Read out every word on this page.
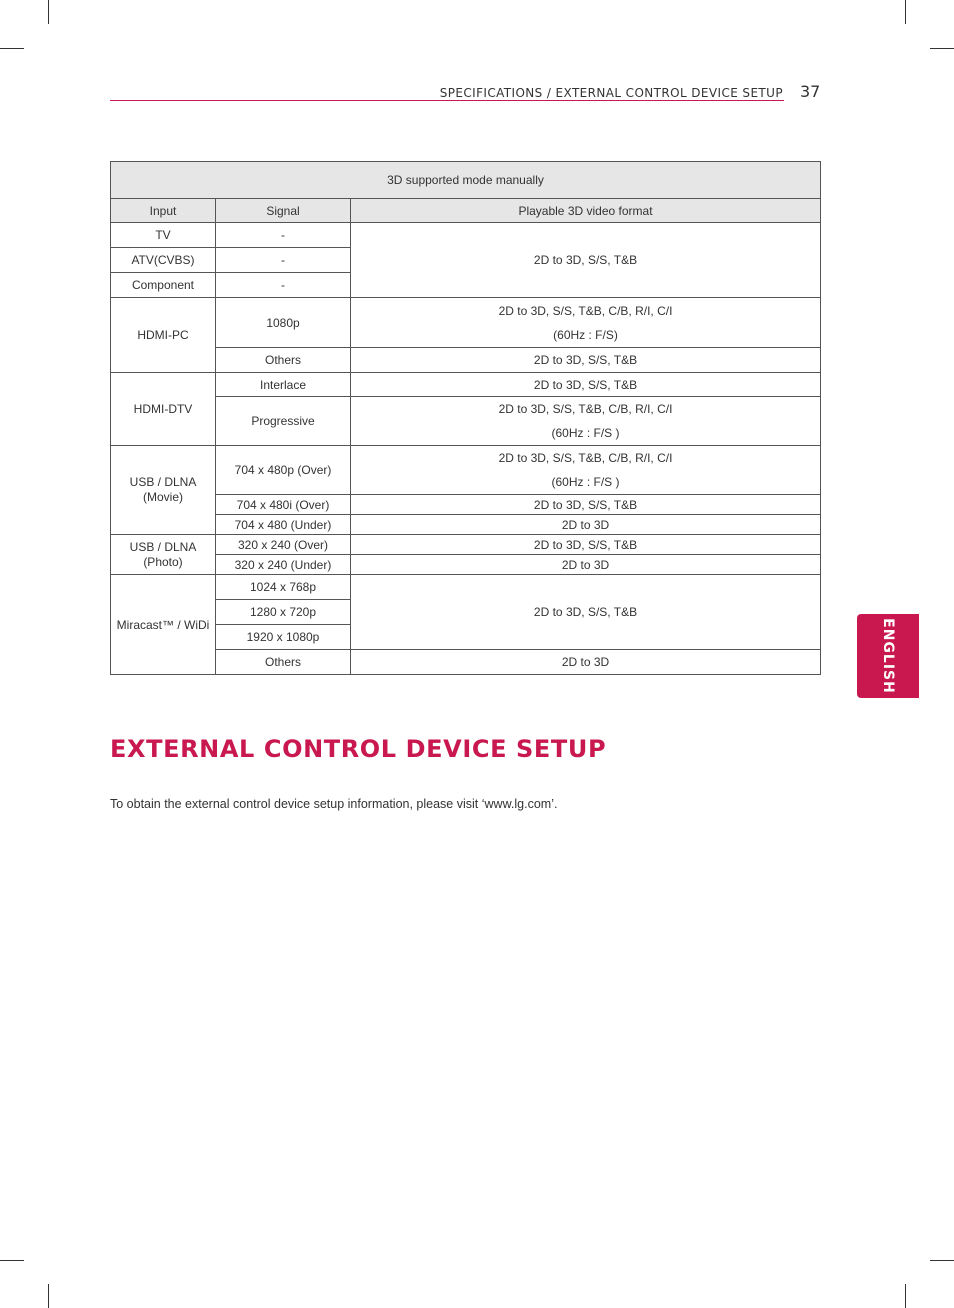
SPECIFICATIONS / EXTERNAL CONTROL DEVICE SETUP 37
ENGLISH
3D supported mode manually		
Input	Signal	Playable 3D video format
TV	-	2D to 3D, S/S, T&B
ATV(CVBS)	-	
Component	-	
HDMI-PC	1080p	2D to 3D, S/S, T&B, C/B, R/I, C/I
(60Hz : F/S)

	Others	2D to 3D, S/S, T&B
HDMI-DTV	Interlace	2D to 3D, S/S, T&B
	Progressive	2D to 3D, S/S, T&B, C/B, R/I, C/I
(60Hz : F/S )

USB / DLNA
(Movie)	704 x 480p (Over)	2D to 3D, S/S, T&B, C/B, R/I, C/I
(60Hz : F/S )

	704 x 480i (Over)	2D to 3D, S/S, T&B
	704 x 480 (Under)	2D to 3D

USB / DLNA
(Photo)	320 x 240 (Over)	2D to 3D, S/S, T&B
	320 x 240 (Under)	2D to 3D
Miracast™ / WiDi	1024 x 768p	2D to 3D, S/S, T&B
	1280 x 720p	
	1920 x 1080p	
	Others	2D to 3D
EXTERNAL CONTROL DEVICE SETUP

To obtain the external control device setup information, please visit ‘www.lg.com’.
